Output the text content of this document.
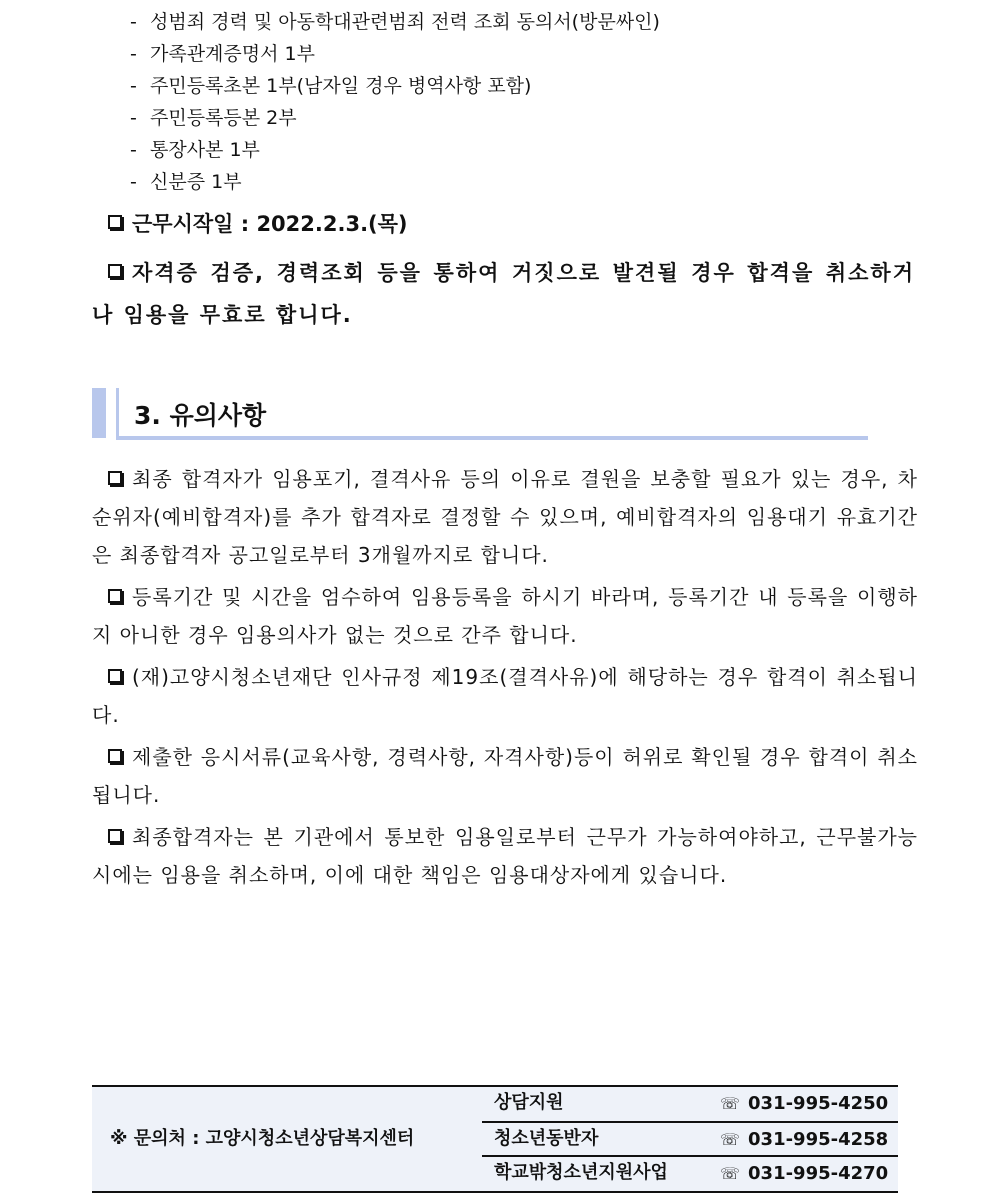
- 성범죄 경력 및 아동학대관련범죄 전력 조회 동의서(방문싸인)
- 가족관계증명서 1부
- 주민등록초본 1부(남자일 경우 병역사항 포함)
- 주민등록등본 2부
- 통장사본 1부
- 신분증 1부
근무시작일 : 2022.2.3.(목)
자격증 검증, 경력조회 등을 통하여 거짓으로 발견될 경우 합격을 취소하거나 임용을 무효로 합니다.
3. 유의사항
최종 합격자가 임용포기, 결격사유 등의 이유로 결원을 보충할 필요가 있는 경우, 차순위자(예비합격자)를 추가 합격자로 결정할 수 있으며, 예비합격자의 임용대기 유효기간은 최종합격자 공고일로부터 3개월까지로 합니다.
등록기간 및 시간을 엄수하여 임용등록을 하시기 바라며, 등록기간 내 등록을 이행하지 아니한 경우 임용의사가 없는 것으로 간주 합니다.
(재)고양시청소년재단 인사규정 제19조(결격사유)에 해당하는 경우 합격이 취소됩니다.
제출한 응시서류(교육사항, 경력사항, 자격사항)등이 허위로 확인될 경우 합격이 취소됩니다.
최종합격자는 본 기관에서 통보한 임용일로부터 근무가 가능하여야하고, 근무불가능시에는 임용을 취소하며, 이에 대한 책임은 임용대상자에게 있습니다.
※ 문의처 : 고양시청소년상담복지센터
상담지원	☏ 031-995-4250
청소년동반자	☏ 031-995-4258
학교밖청소년지원사업	☏ 031-995-4270
